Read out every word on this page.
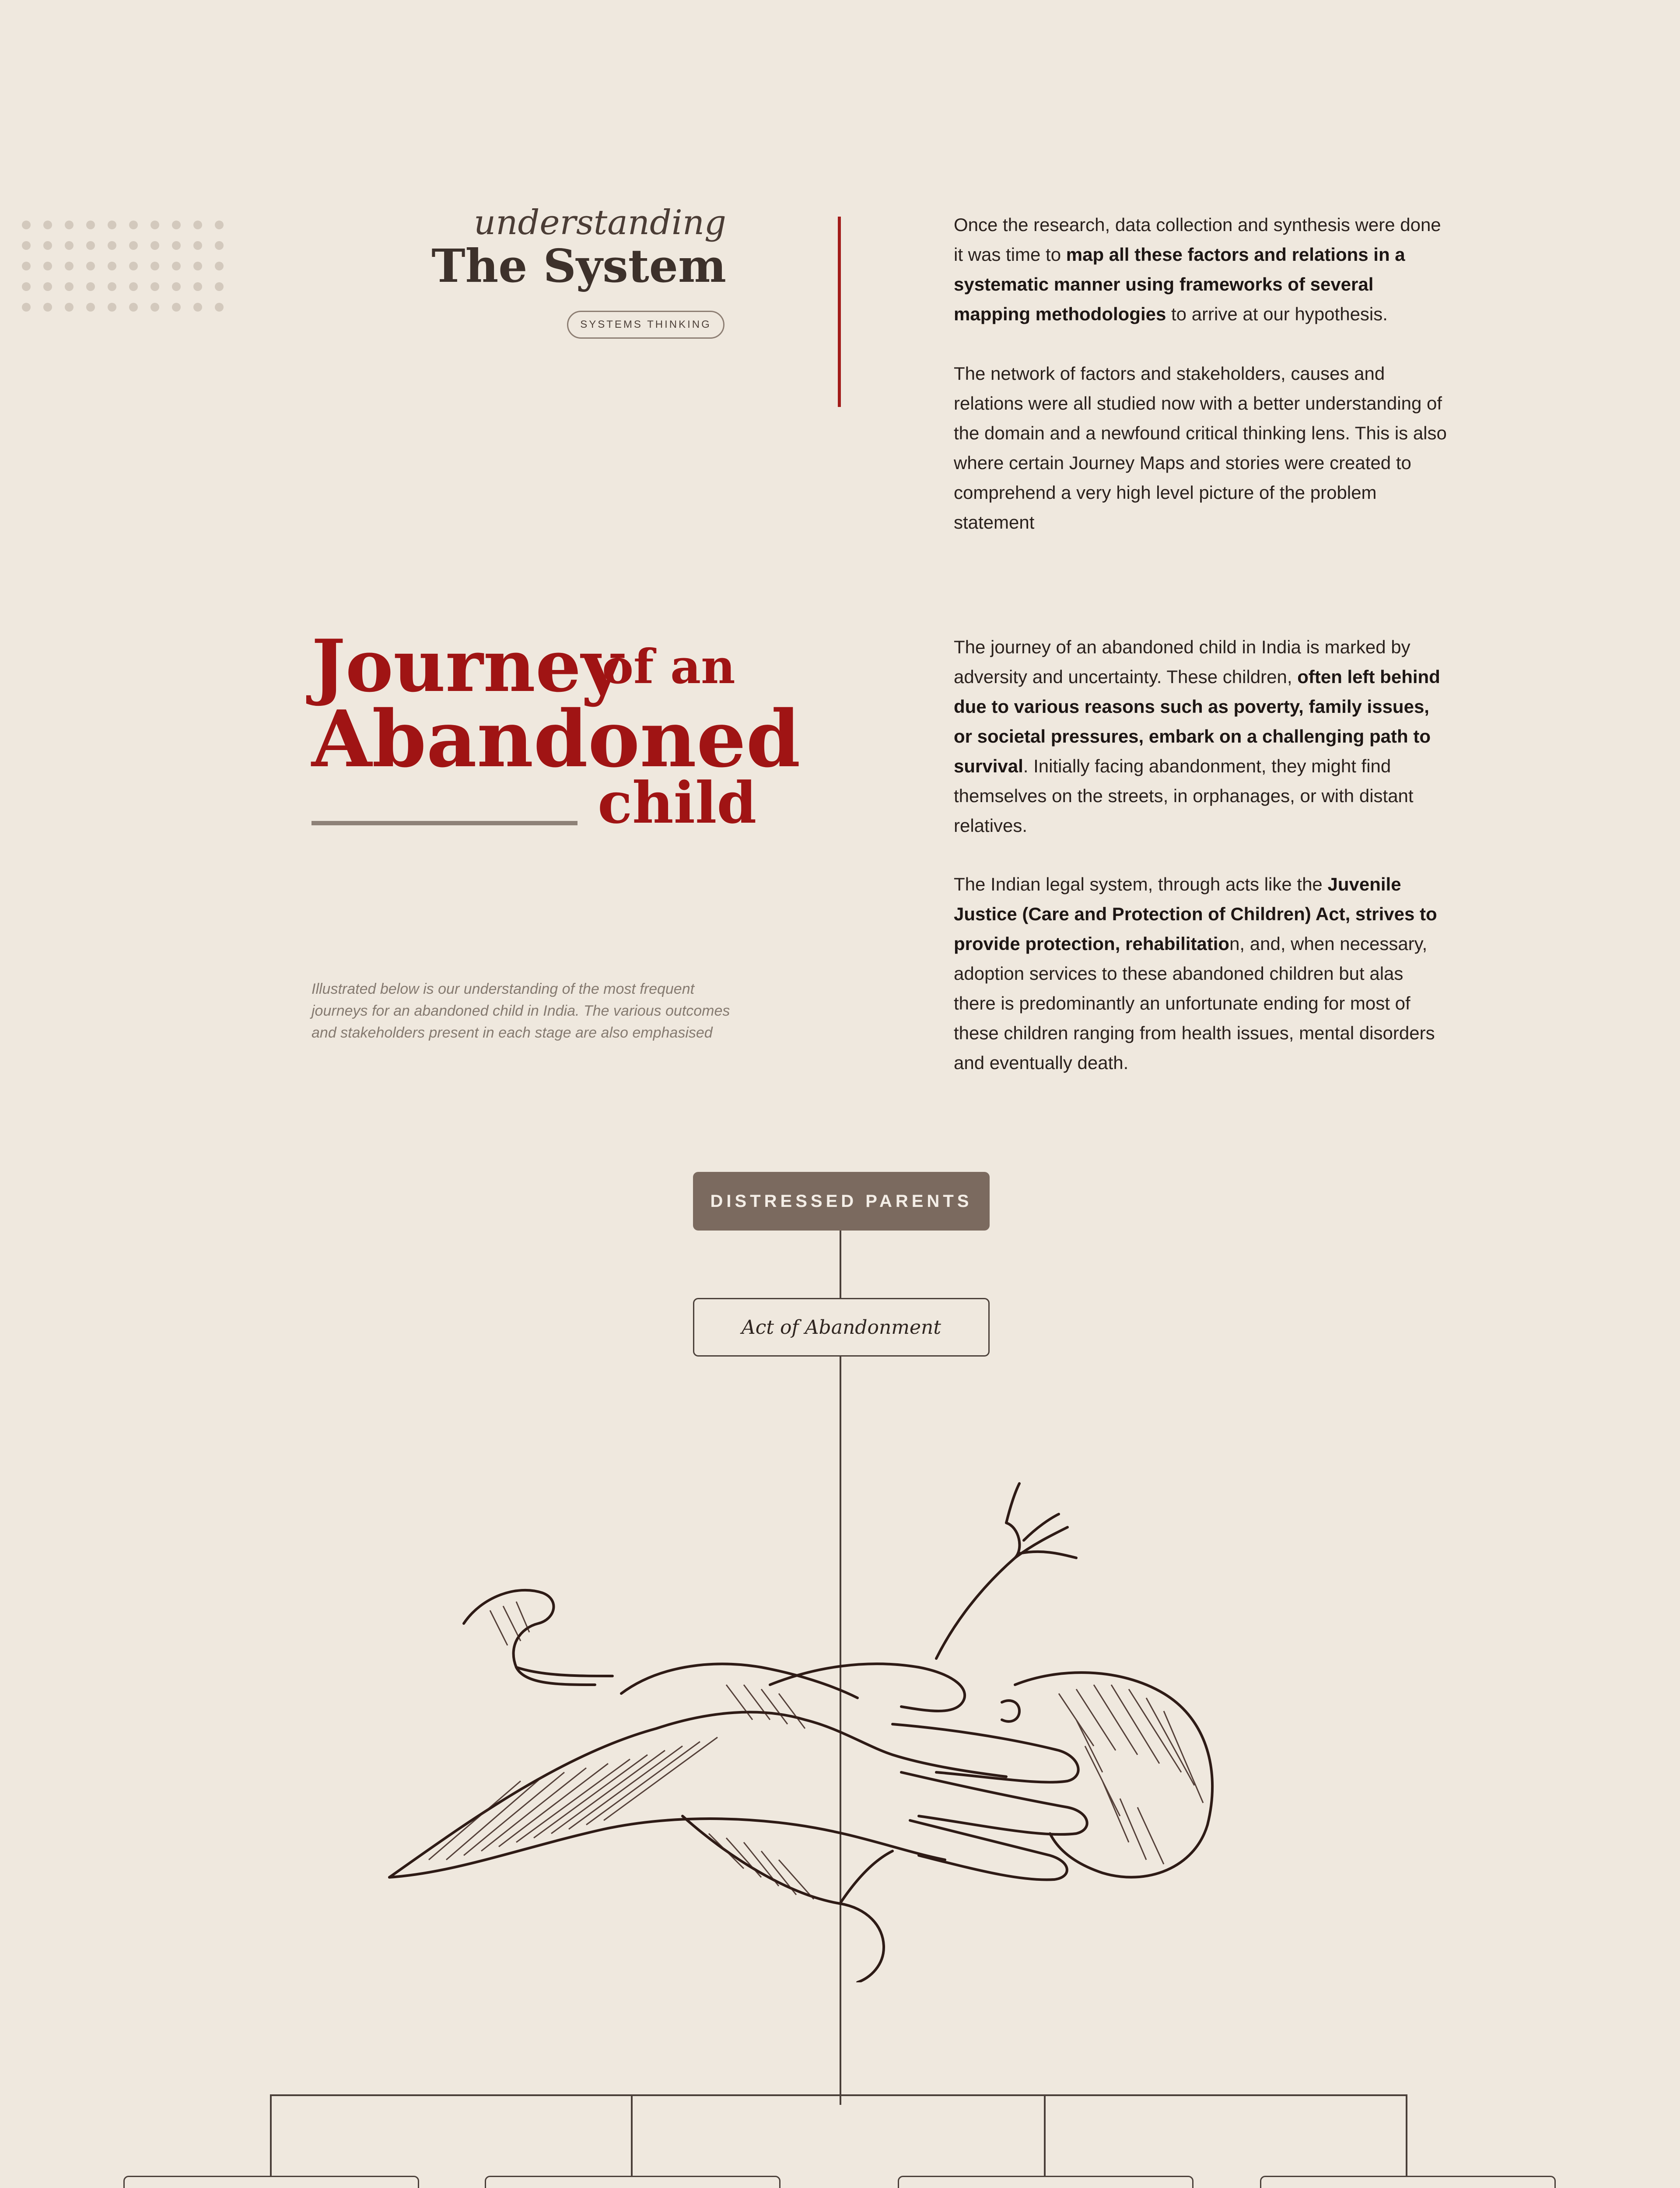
understanding
The System
SYSTEMS THINKING
Once the research, data collection and synthesis were done it was time to map all these factors and relations in a systematic manner using frameworks of several mapping methodologies to arrive at our hypothesis.
The network of factors and stakeholders, causes and relations were all studied now with a better understanding of the domain and a newfound critical thinking lens. This is also where certain Journey Maps and stories were created to comprehend a very high level picture of the problem statement
Journey
of an
Abandoned
child
Illustrated below is our understanding of the most frequent journeys for an abandoned child in India. The various outcomes and stakeholders present in each stage are also emphasised
The journey of an abandoned child in India is marked by adversity and uncertainty. These children, often left behind due to various reasons such as poverty, family issues, or societal pressures, embark on a challenging path to survival. Initially facing abandonment, they might find themselves on the streets, in orphanages, or with distant relatives.
The Indian legal system, through acts like the Juvenile Justice (Care and Protection of Children) Act, strives to provide protection, rehabilitation, and, when necessary, adoption services to these abandoned children but alas there is predominantly an unfortunate ending for most of these children ranging from health issues, mental disorders and eventually death.
DISTRESSED PARENTS
Act of Abandonment
